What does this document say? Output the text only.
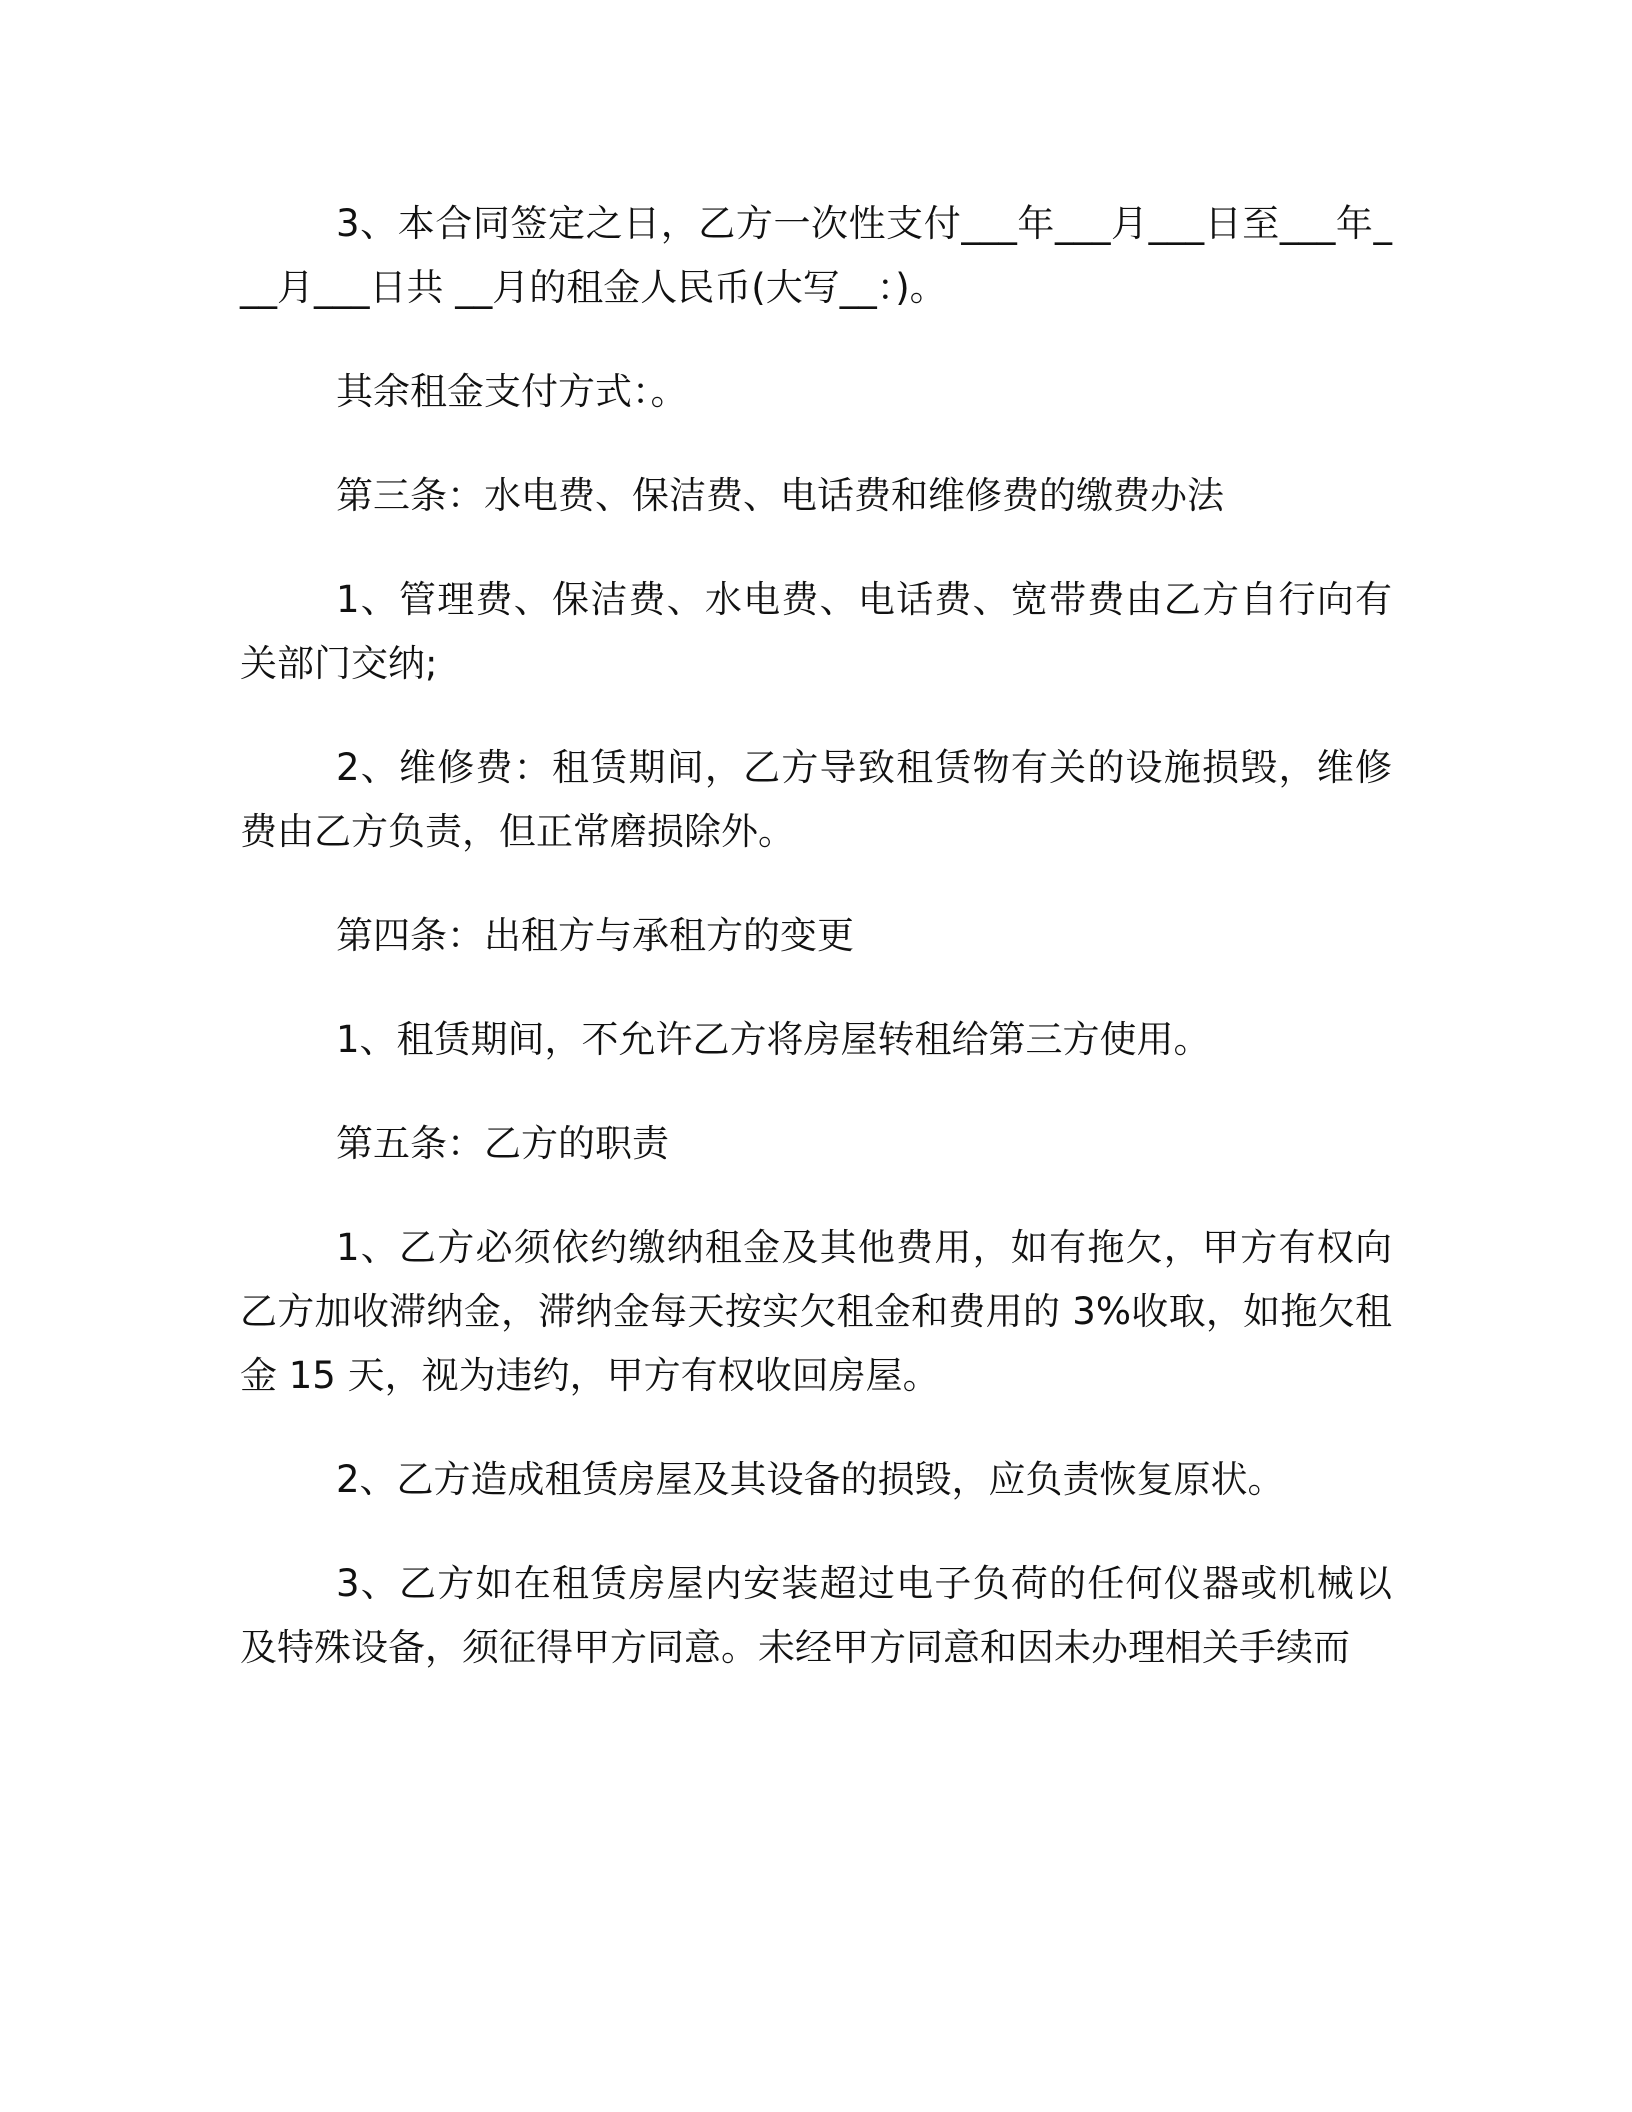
3、本合同签定之日，乙方一次性支付___年___月___日至___年___月___日共 __月的租金人民币(大写__：)。

其余租金支付方式：。

第三条：水电费、保洁费、电话费和维修费的缴费办法

1、管理费、保洁费、水电费、电话费、宽带费由乙方自行向有关部门交纳;

2、维修费：租赁期间，乙方导致租赁物有关的设施损毁，维修费由乙方负责，但正常磨损除外。

第四条：出租方与承租方的变更

1、租赁期间，不允许乙方将房屋转租给第三方使用。

第五条：乙方的职责

1、乙方必须依约缴纳租金及其他费用，如有拖欠，甲方有权向乙方加收滞纳金，滞纳金每天按实欠租金和费用的 3%收取，如拖欠租金 15 天，视为违约，甲方有权收回房屋。

2、乙方造成租赁房屋及其设备的损毁，应负责恢复原状。

3、乙方如在租赁房屋内安装超过电子负荷的任何仪器或机械以及特殊设备，须征得甲方同意。未经甲方同意和因未办理相关手续而
